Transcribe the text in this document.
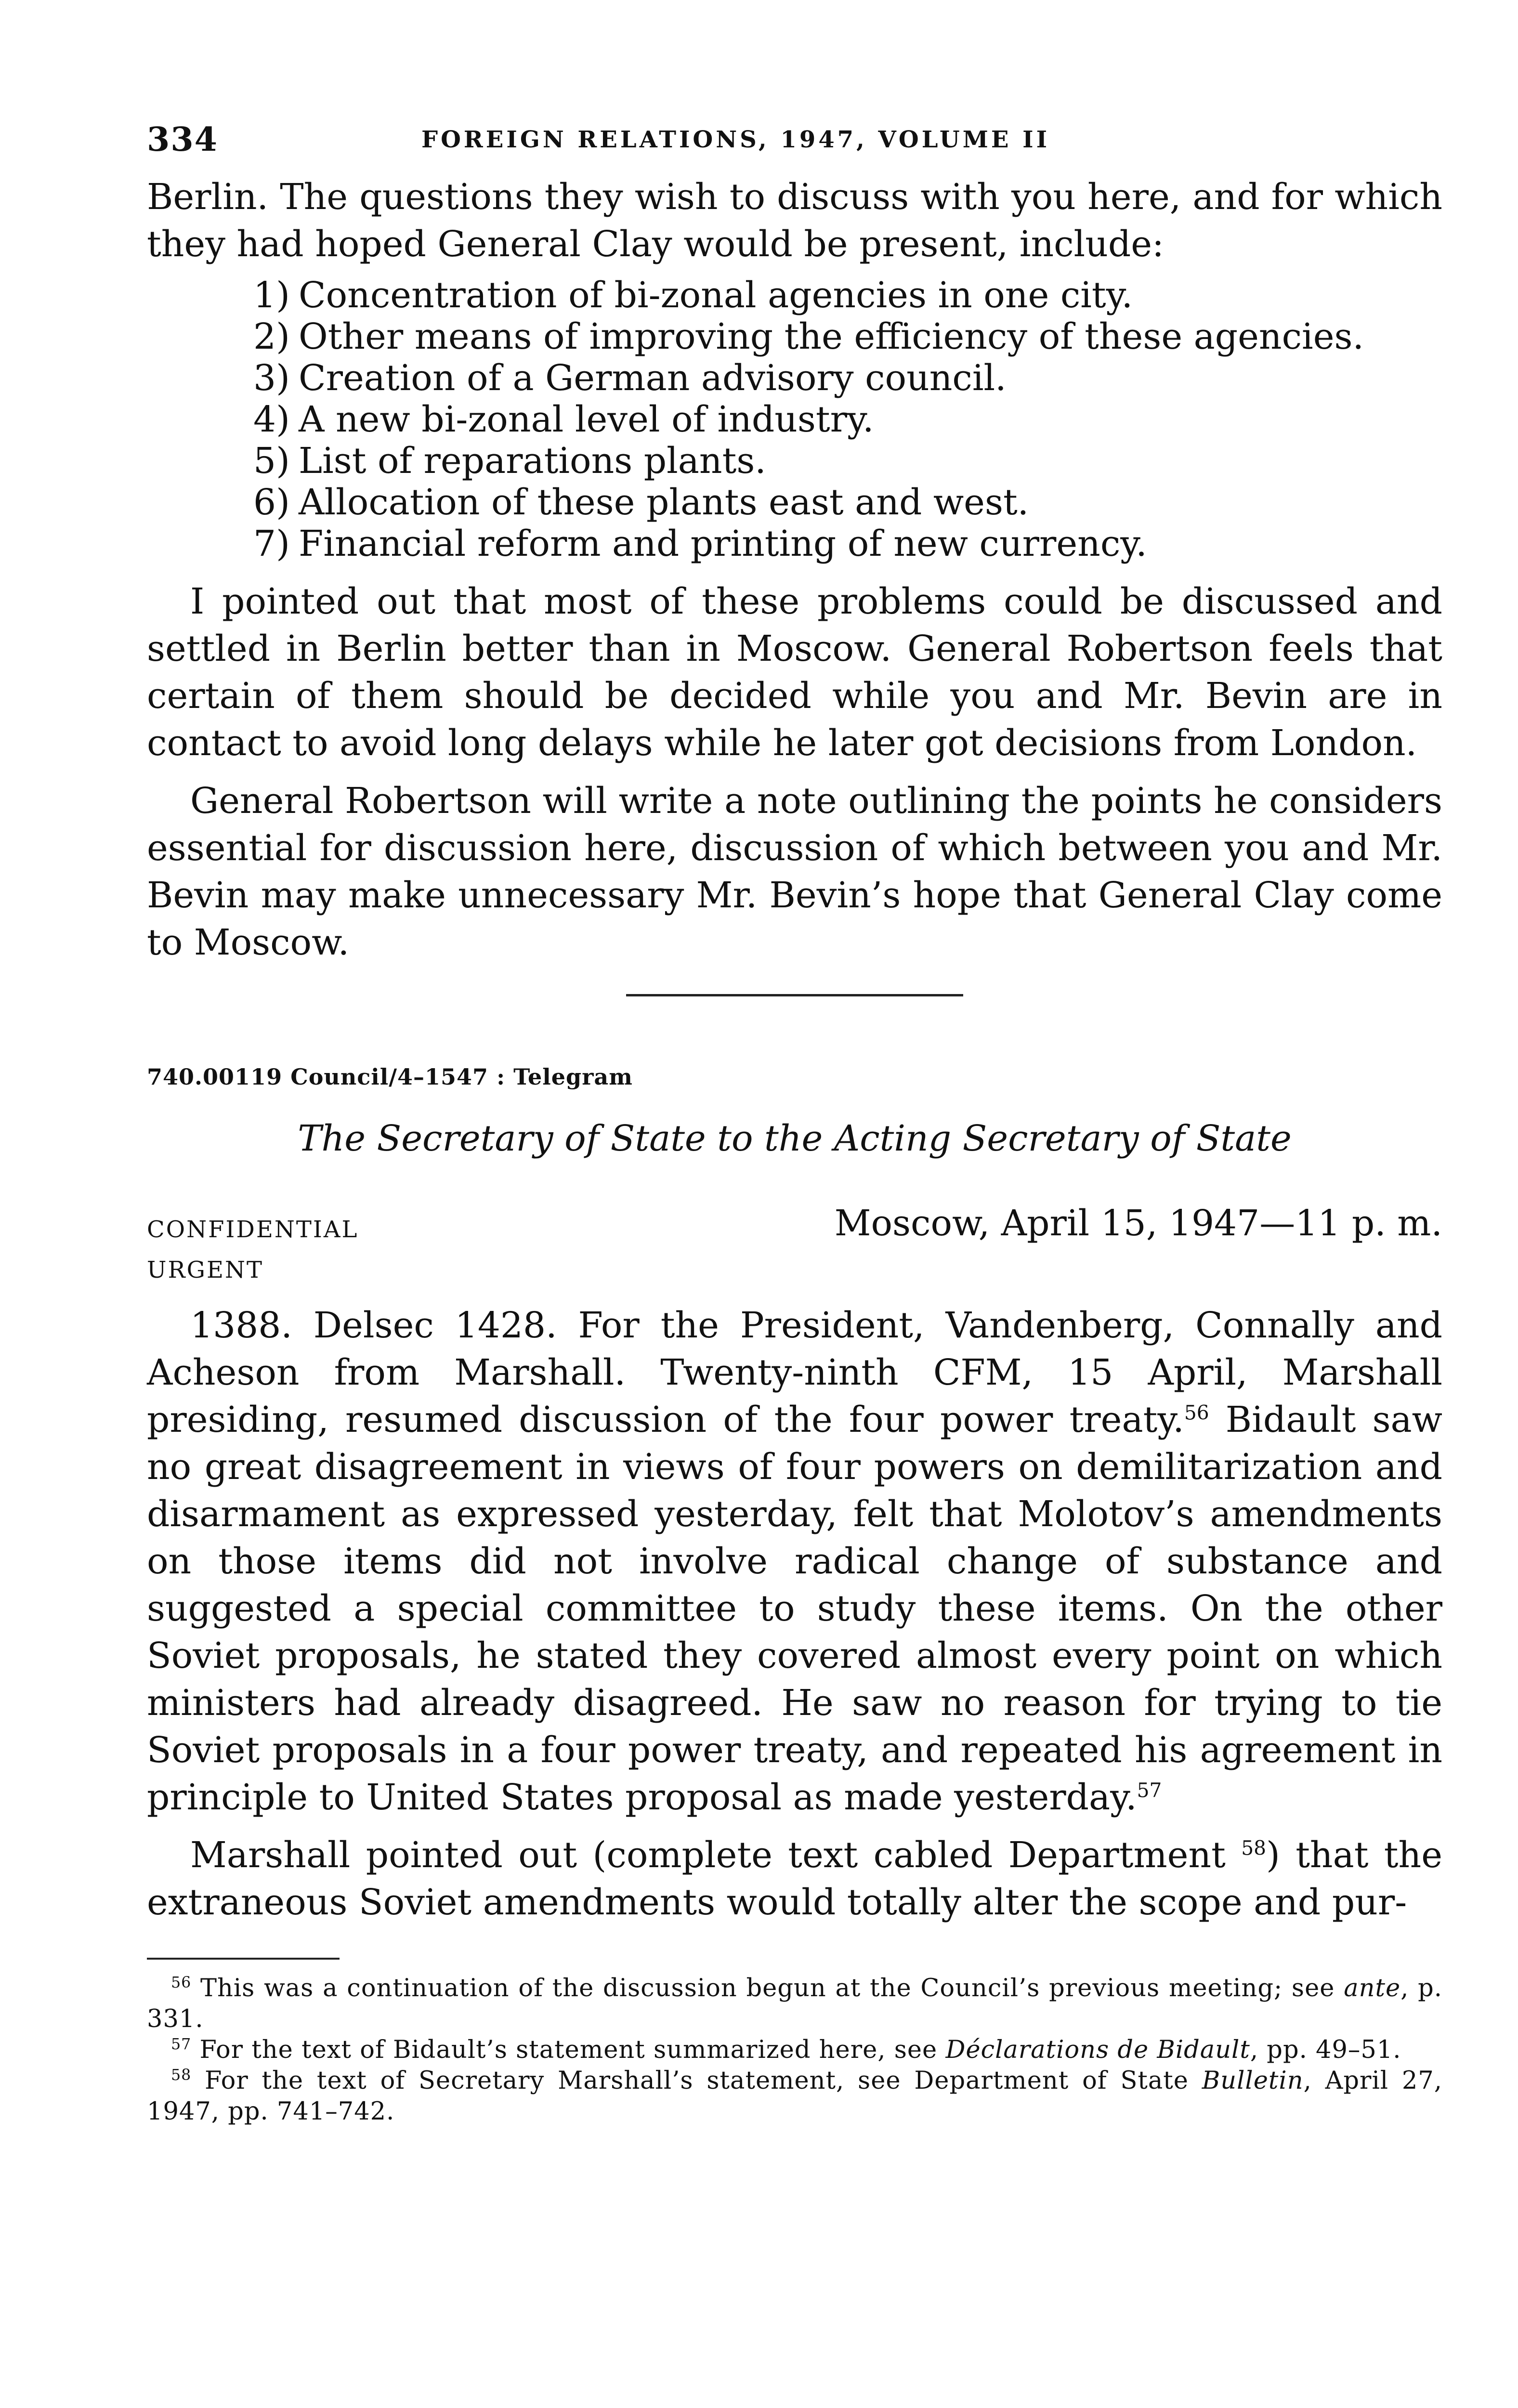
334	FOREIGN RELATIONS, 1947, VOLUME II

Berlin. The questions they wish to discuss with you here, and for which they had hoped General Clay would be present, include:

1) Concentration of bi-zonal agencies in one city.
2) Other means of improving the efficiency of these agencies.
3) Creation of a German advisory council.
4) A new bi-zonal level of industry.
5) List of reparations plants.
6) Allocation of these plants east and west.
7) Financial reform and printing of new currency.

I pointed out that most of these problems could be discussed and settled in Berlin better than in Moscow. General Robertson feels that certain of them should be decided while you and Mr. Bevin are in contact to avoid long delays while he later got decisions from London.

General Robertson will write a note outlining the points he considers essential for discussion here, discussion of which between you and Mr. Bevin may make unnecessary Mr. Bevin’s hope that General Clay come to Moscow.

740.00119 Council/4–1547 : Telegram
The Secretary of State to the Acting Secretary of State
CONFIDENTIAL	Moscow, April 15, 1947—11 p. m.
URGENT

1388. Delsec 1428. For the President, Vandenberg, Connally and Acheson from Marshall. Twenty-ninth CFM, 15 April, Marshall presiding, resumed discussion of the four power treaty.$^{56}$ Bidault saw no great disagreement in views of four powers on demilitarization and disarmament as expressed yesterday, felt that Molotov’s amendments on those items did not involve radical change of substance and suggested a special committee to study these items. On the other Soviet proposals, he stated they covered almost every point on which ministers had already disagreed. He saw no reason for trying to tie Soviet proposals in a four power treaty, and repeated his agreement in principle to United States proposal as made yesterday.$^{57}$

Marshall pointed out (complete text cabled Department $^{58}$) that the extraneous Soviet amendments would totally alter the scope and pur-

$^{56}$ This was a continuation of the discussion begun at the Council’s previous meeting; see ante, p. 331.

$^{57}$ For the text of Bidault’s statement summarized here, see Déclarations de Bidault, pp. 49–51.

$^{58}$ For the text of Secretary Marshall’s statement, see Department of State Bulletin, April 27, 1947, pp. 741–742.
